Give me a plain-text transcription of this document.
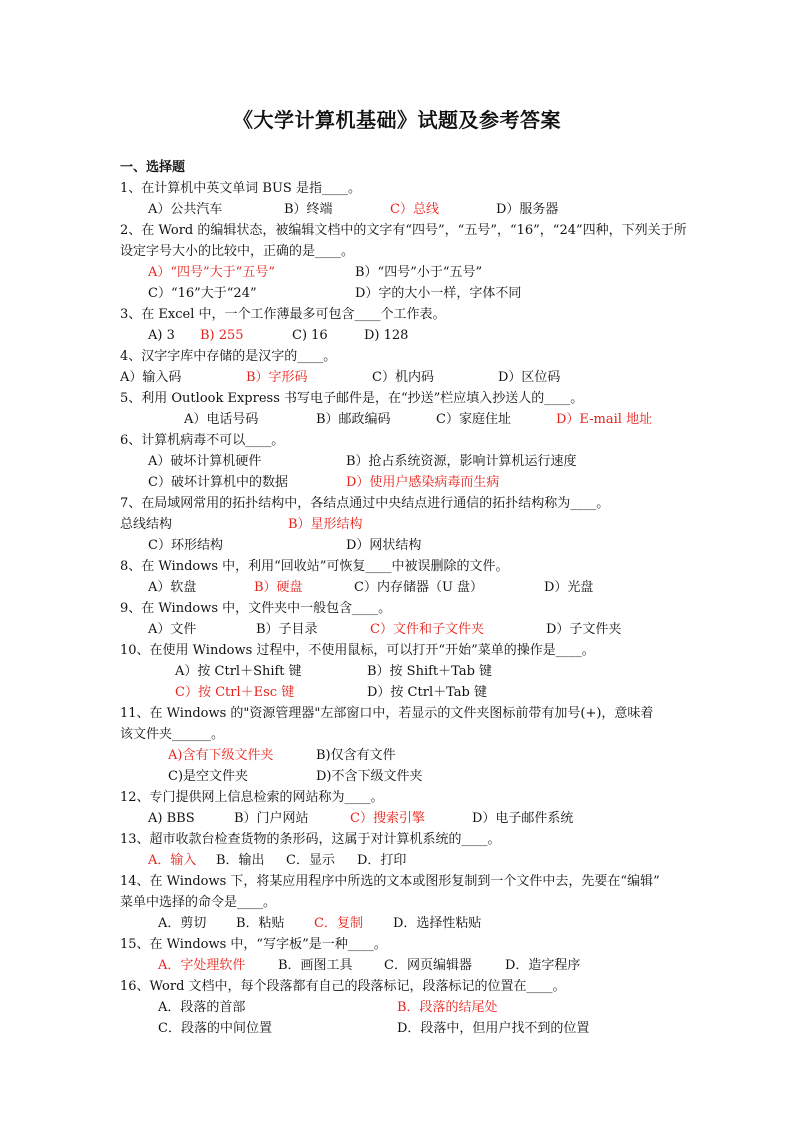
《大学计算机基础》试题及参考答案
一、选择题
1、在计算机中英文单词 BUS 是指____。
A）公共汽车	B）终端	C）总线	D）服务器
2、在 Word 的编辑状态，被编辑文档中的文字有“四号”，“五号”，“16”，“24”四种，下列关于所
设定字号大小的比较中，正确的是____。
A）“四号”大于“五号”	B）“四号”小于“五号”
C）“16”大于“24”	D）字的大小一样，字体不同
3、在 Excel 中，一个工作薄最多可包含____个工作表。
A) 3 B) 255	C) 16	D) 128
4、汉字字库中存储的是汉字的____。
A）输入码	B）字形码	C）机内码	D）区位码
5、利用 Outlook Express 书写电子邮件是，在“抄送”栏应填入抄送人的____。
A）电话号码	B）邮政编码	C）家庭住址	D）E-mail 地址
6、计算机病毒不可以____。
A）破坏计算机硬件	B）抢占系统资源，影响计算机运行速度
C）破坏计算机中的数据	D）使用户感染病毒而生病
7、在局域网常用的拓扑结构中，各结点通过中央结点进行通信的拓扑结构称为____。
总线结构	B）星形结构
C）环形结构	D）网状结构
8、在 Windows 中，利用“回收站”可恢复____中被误删除的文件。
A）软盘	B）硬盘	C）内存储器（U 盘）	D）光盘
9、在 Windows 中，文件夹中一般包含____。
A）文件	B）子目录	C）文件和子文件夹	D）子文件夹
10、在使用 Windows 过程中，不使用鼠标，可以打开“开始”菜单的操作是____。
A）按 Ctrl＋Shift 键	B）按 Shift＋Tab 键
C）按 Ctrl＋Esc 键	D）按 Ctrl＋Tab 键
11、在 Windows 的"资源管理器"左部窗口中，若显示的文件夹图标前带有加号(+)，意味着
该文件夹______。
A)含有下级文件夹	B)仅含有文件
C)是空文件夹	D)不含下级文件夹
12、专门提供网上信息检索的网站称为____。
A) BBS	B）门户网站	C）搜索引擎	D）电子邮件系统
13、超市收款台检查货物的条形码，这属于对计算机系统的____。
A．输入 B．输出 C．显示 D．打印
14、在 Windows 下，将某应用程序中所选的文本或图形复制到一个文件中去，先要在“编辑”
菜单中选择的命令是____。
A．剪切 B．粘贴 C．复制 D．选择性粘贴
15、在 Windows 中，“写字板”是一种____。
A．字处理软件	B．画图工具 C．网页编辑器	D．造字程序
16、Word 文档中，每个段落都有自己的段落标记，段落标记的位置在____。
A．段落的首部	B．段落的结尾处
C．段落的中间位置	D．段落中，但用户找不到的位置
